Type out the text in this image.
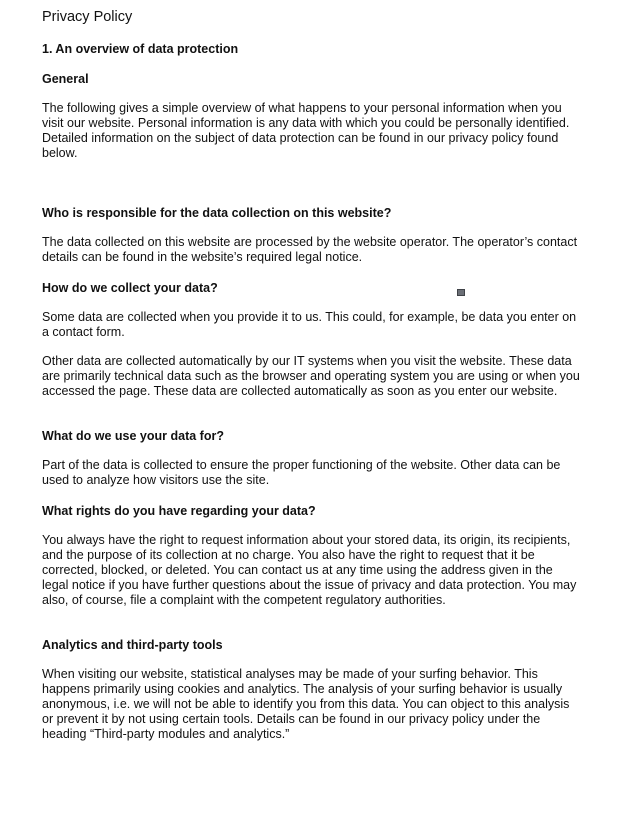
Privacy Policy
1. An overview of data protection
General
The following gives a simple overview of what happens to your personal information when you visit our website. Personal information is any data with which you could be personally identified. Detailed information on the subject of data protection can be found in our privacy policy found below.
Who is responsible for the data collection on this website?
The data collected on this website are processed by the website operator. The operator’s contact details can be found in the website’s required legal notice.
How do we collect your data?
Some data are collected when you provide it to us. This could, for example, be data you enter on a contact form.
Other data are collected automatically by our IT systems when you visit the website. These data are primarily technical data such as the browser and operating system you are using or when you accessed the page. These data are collected automatically as soon as you enter our website.
What do we use your data for?
Part of the data is collected to ensure the proper functioning of the website. Other data can be used to analyze how visitors use the site.
What rights do you have regarding your data?
You always have the right to request information about your stored data, its origin, its recipients, and the purpose of its collection at no charge. You also have the right to request that it be corrected, blocked, or deleted. You can contact us at any time using the address given in the legal notice if you have further questions about the issue of privacy and data protection. You may also, of course, file a complaint with the competent regulatory authorities.
Analytics and third-party tools
When visiting our website, statistical analyses may be made of your surfing behavior. This happens primarily using cookies and analytics. The analysis of your surfing behavior is usually anonymous, i.e. we will not be able to identify you from this data. You can object to this analysis or prevent it by not using certain tools. Details can be found in our privacy policy under the heading “Third-party modules and analytics.”
